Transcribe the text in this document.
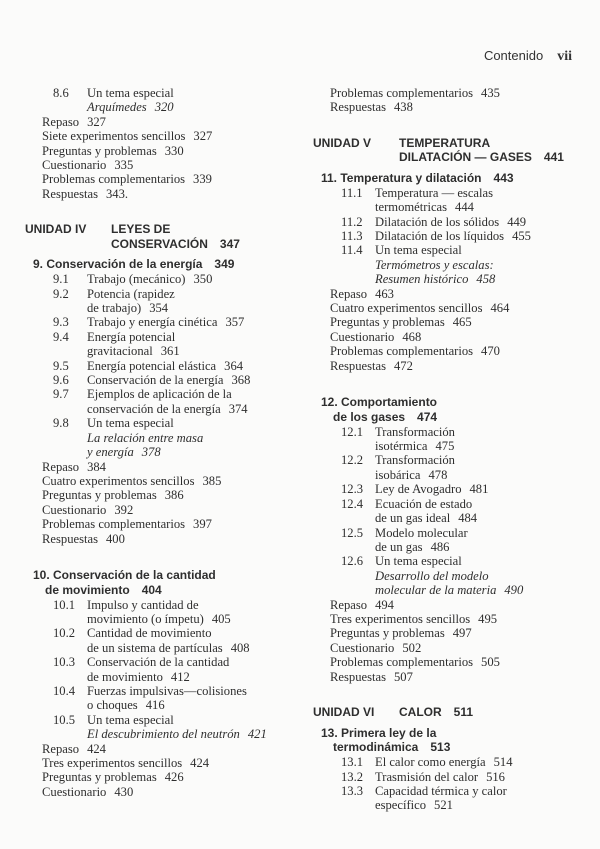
Contenido vii
8.6	Un tema especial
Arquímedes 320
Repaso 327
Siete experimentos sencillos 327
Preguntas y problemas 330
Cuestionario 335
Problemas complementarios 339
Respuestas 343.
UNIDAD IV	LEYES DE
CONSERVACIÓN 347
9. Conservación de la energía 349
9.1	Trabajo (mecánico) 350
9.2	Potencia (rapidez
de trabajo) 354
9.3	Trabajo y energía cinética 357
9.4	Energía potencial
gravitacional 361
9.5	Energía potencial elástica 364
9.6	Conservación de la energía 368
9.7	Ejemplos de aplicación de la
conservación de la energía 374
9.8	Un tema especial
La relación entre masa
y energía 378
Repaso 384
Cuatro experimentos sencillos 385
Preguntas y problemas 386
Cuestionario 392
Problemas complementarios 397
Respuestas 400
10. Conservación de la cantidad
de movimiento 404
10.1 Impulso y cantidad de
movimiento (o ímpetu) 405
10.2 Cantidad de movimiento
de un sistema de partículas 408
10.3 Conservación de la cantidad
de movimiento 412
10.4 Fuerzas impulsivas—colisiones
o choques 416
10.5 Un tema especial
El descubrimiento del neutrón 421
Repaso 424
Tres experimentos sencillos 424
Preguntas y problemas 426
Cuestionario 430
Problemas complementarios 435
Respuestas 438
UNIDAD V	TEMPERATURA
DILATACIÓN — GASES 441
11. Temperatura y dilatación 443
11.1 Temperatura — escalas
termométricas 444
11.2 Dilatación de los sólidos 449
11.3 Dilatación de los líquidos 455
11.4 Un tema especial
Termómetros y escalas:
Resumen histórico 458
Repaso 463
Cuatro experimentos sencillos 464
Preguntas y problemas 465
Cuestionario 468
Problemas complementarios 470
Respuestas 472
12. Comportamiento
de los gases 474
12.1 Transformación
isotérmica 475
12.2 Transformación
isobárica 478
12.3 Ley de Avogadro 481
12.4 Ecuación de estado
de un gas ideal 484
12.5 Modelo molecular
de un gas 486
12.6 Un tema especial
Desarrollo del modelo
molecular de la materia 490
Repaso 494
Tres experimentos sencillos 495
Preguntas y problemas 497
Cuestionario 502
Problemas complementarios 505
Respuestas 507
UNIDAD VI	CALOR 511
13. Primera ley de la
termodinámica 513
13.1 El calor como energía 514
13.2 Trasmisión del calor 516
13.3 Capacidad térmica y calor
específico 521
